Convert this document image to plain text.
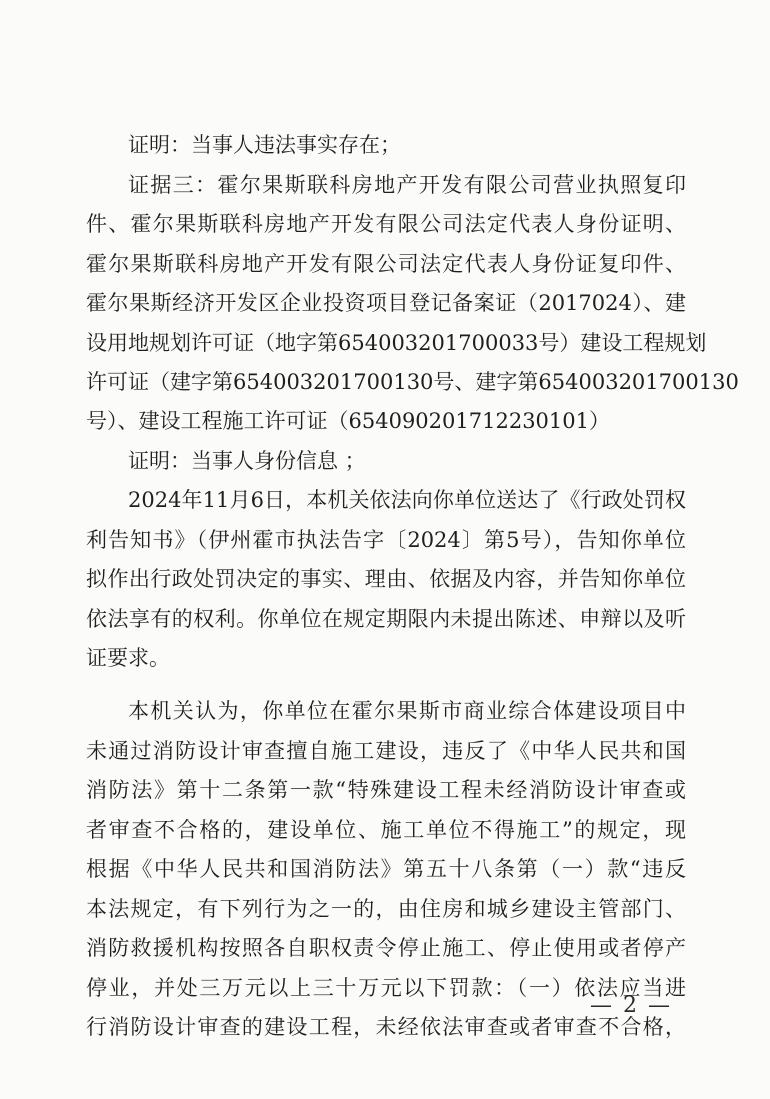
证明：当事人违法事实存在；
证据三：霍尔果斯联科房地产开发有限公司营业执照复印
件、霍尔果斯联科房地产开发有限公司法定代表人身份证明、
霍尔果斯联科房地产开发有限公司法定代表人身份证复印件、
霍尔果斯经济开发区企业投资项目登记备案证（2017024）、建
设用地规划许可证（地字第654003201700033号）建设工程规划
许可证（建字第654003201700130号、建字第654003201700130
号）、建设工程施工许可证（654090201712230101）
证明：当事人身份信息 ；
2024年11月6日，本机关依法向你单位送达了《行政处罚权
利告知书》（伊州霍市执法告字〔2024〕第5号），告知你单位
拟作出行政处罚决定的事实、理由、依据及内容，并告知你单位
依法享有的权利。你单位在规定期限内未提出陈述、申辩以及听
证要求。
本机关认为，你单位在霍尔果斯市商业综合体建设项目中
未通过消防设计审查擅自施工建设，违反了《中华人民共和国
消防法》第十二条第一款“特殊建设工程未经消防设计审查或
者审查不合格的，建设单位、施工单位不得施工”的规定，现
根据《中华人民共和国消防法》第五十八条第（一）款“违反
本法规定，有下列行为之一的，由住房和城乡建设主管部门、
消防救援机构按照各自职权责令停止施工、停止使用或者停产
停业，并处三万元以上三十万元以下罚款：（一）依法应当进
行消防设计审查的建设工程，未经依法审查或者审查不合格，
— 2 —
